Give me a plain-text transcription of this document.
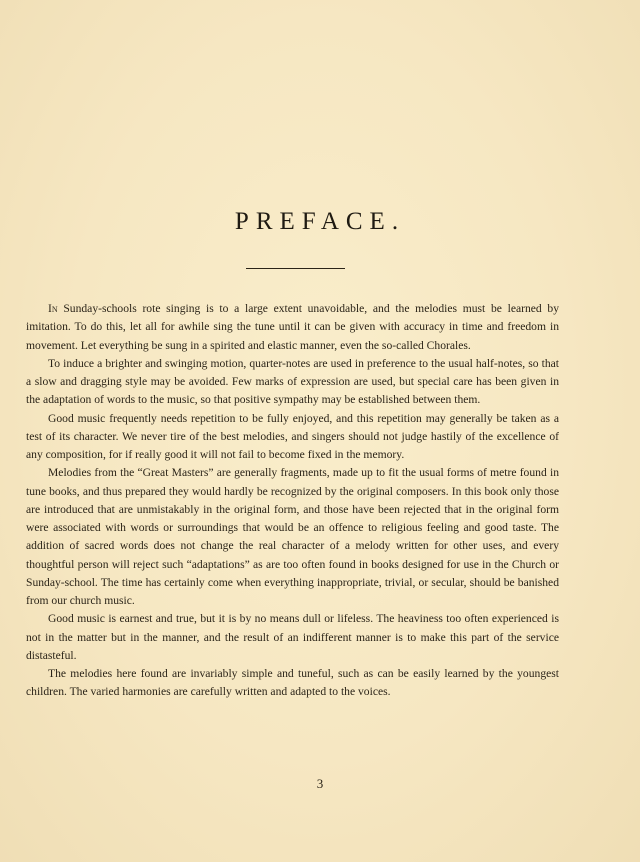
PREFACE.

In Sunday-schools rote singing is to a large extent unavoidable, and the melodies must be learned by imitation. To do this, let all for awhile sing the tune until it can be given with accuracy in time and freedom in movement. Let everything be sung in a spirited and elastic manner, even the so-called Chorales.

To induce a brighter and swinging motion, quarter-notes are used in preference to the usual half-notes, so that a slow and dragging style may be avoided. Few marks of expression are used, but special care has been given in the adaptation of words to the music, so that positive sympathy may be established between them.

Good music frequently needs repetition to be fully enjoyed, and this repetition may generally be taken as a test of its character. We never tire of the best melodies, and singers should not judge hastily of the excellence of any composition, for if really good it will not fail to become fixed in the memory.

Melodies from the “Great Masters” are generally fragments, made up to fit the usual forms of metre found in tune books, and thus prepared they would hardly be recognized by the original composers. In this book only those are introduced that are unmistakably in the original form, and those have been rejected that in the original form were associated with words or surroundings that would be an offence to religious feeling and good taste. The addition of sacred words does not change the real character of a melody written for other uses, and every thoughtful person will reject such “adaptations” as are too often found in books designed for use in the Church or Sunday-school. The time has certainly come when everything inappropriate, trivial, or secular, should be banished from our church music.

Good music is earnest and true, but it is by no means dull or lifeless. The heaviness too often experienced is not in the matter but in the manner, and the result of an indifferent manner is to make this part of the service distasteful.

The melodies here found are invariably simple and tuneful, such as can be easily learned by the youngest children. The varied harmonies are carefully written and adapted to the voices.

3
